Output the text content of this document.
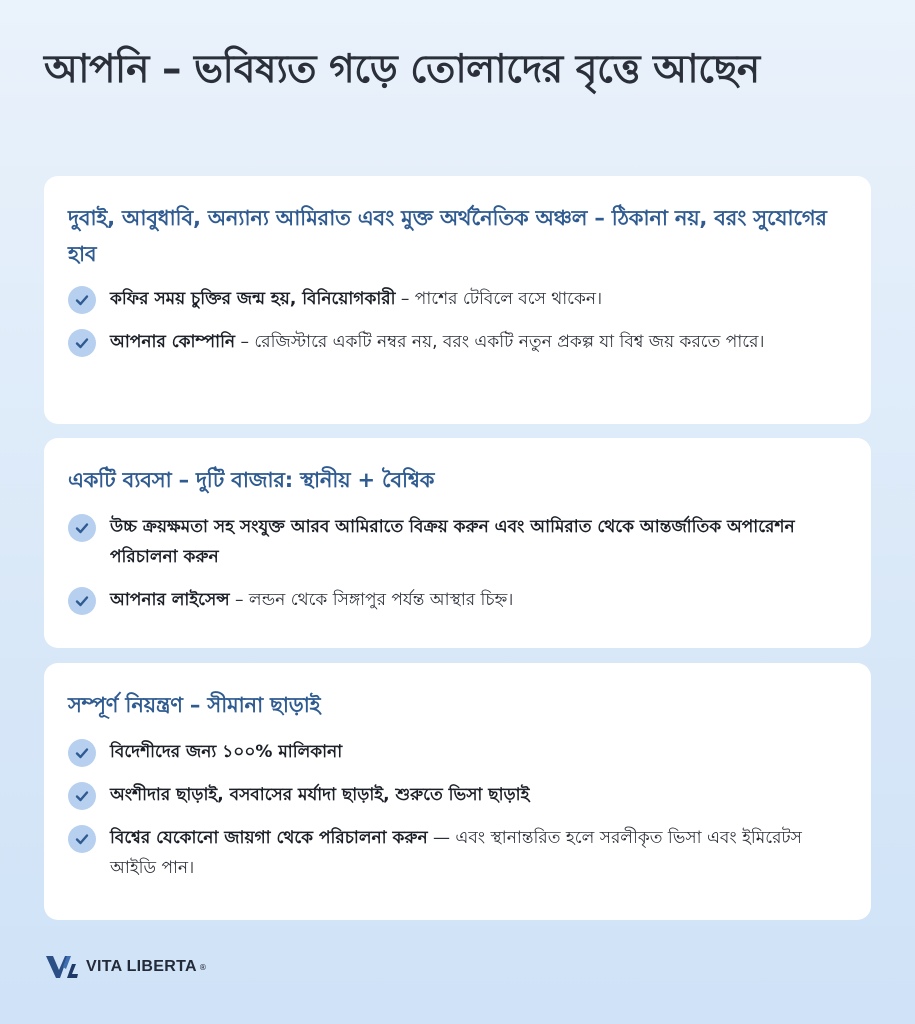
আপনি – ভবিষ্যত গড়ে তোলাদের বৃত্তে আছেন
দুবাই, আবুধাবি, অন্যান্য আমিরাত এবং মুক্ত অর্থনৈতিক অঞ্চল – ঠিকানা নয়, বরং সুযোগের হাব

কফির সময় চুক্তির জন্ম হয়, বিনিয়োগকারী – পাশের টেবিলে বসে থাকেন।

আপনার কোম্পানি – রেজিস্টারে একটি নম্বর নয়, বরং একটি নতুন প্রকল্প যা বিশ্ব জয় করতে পারে।

একটি ব্যবসা – দুটি বাজার: স্থানীয় + বৈশ্বিক

উচ্চ ক্রয়ক্ষমতা সহ সংযুক্ত আরব আমিরাতে বিক্রয় করুন এবং আমিরাত থেকে আন্তর্জাতিক অপারেশন পরিচালনা করুন

আপনার লাইসেন্স – লন্ডন থেকে সিঙ্গাপুর পর্যন্ত আস্থার চিহ্ন।

সম্পূর্ণ নিয়ন্ত্রণ – সীমানা ছাড়াই

বিদেশীদের জন্য ১০০% মালিকানা

অংশীদার ছাড়াই, বসবাসের মর্যাদা ছাড়াই, শুরুতে ভিসা ছাড়াই

বিশ্বের যেকোনো জায়গা থেকে পরিচালনা করুন — এবং স্থানান্তরিত হলে সরলীকৃত ভিসা এবং ইমিরেটস আইডি পান।

VITA LIBERTA ®
